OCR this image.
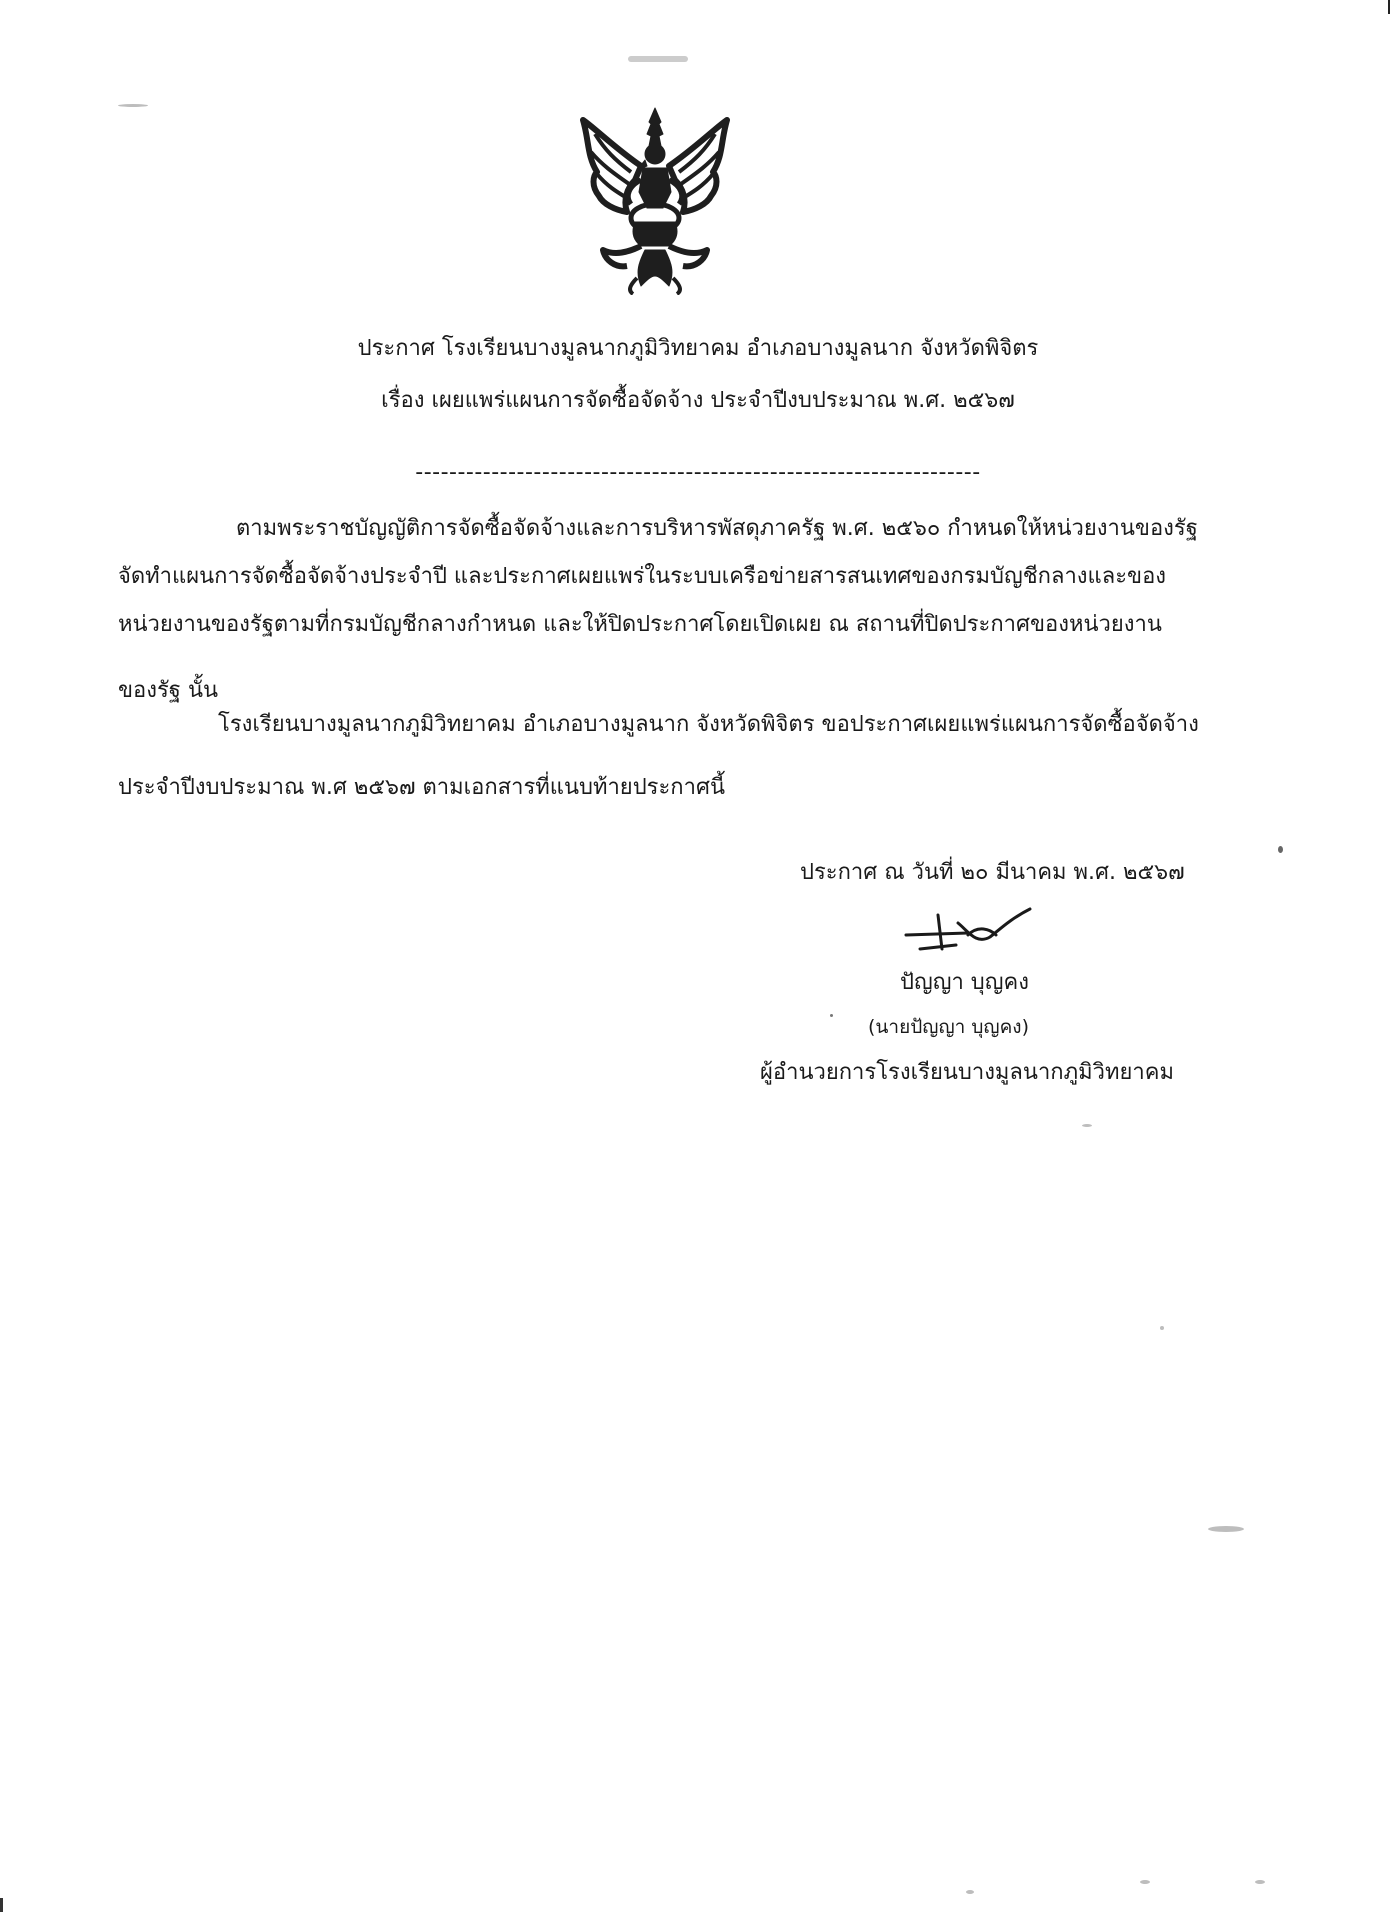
ประกาศ โรงเรียนบางมูลนากภูมิวิทยาคม อำเภอบางมูลนาก จังหวัดพิจิตร
เรื่อง เผยแพร่แผนการจัดซื้อจัดจ้าง ประจำปีงบประมาณ พ.ศ. ๒๕๖๗
-------------------------------------------------------------------
ตามพระราชบัญญัติการจัดซื้อจัดจ้างและการบริหารพัสดุภาครัฐ พ.ศ. ๒๕๖๐ กำหนดให้หน่วยงานของรัฐ
จัดทำแผนการจัดซื้อจัดจ้างประจำปี และประกาศเผยแพร่ในระบบเครือข่ายสารสนเทศของกรมบัญชีกลางและของ
หน่วยงานของรัฐตามที่กรมบัญชีกลางกำหนด และให้ปิดประกาศโดยเปิดเผย ณ สถานที่ปิดประกาศของหน่วยงาน
ของรัฐ นั้น
โรงเรียนบางมูลนากภูมิวิทยาคม อำเภอบางมูลนาก จังหวัดพิจิตร ขอประกาศเผยแพร่แผนการจัดซื้อจัดจ้าง
ประจำปีงบประมาณ พ.ศ ๒๕๖๗ ตามเอกสารที่แนบท้ายประกาศนี้
ประกาศ ณ วันที่ ๒๐ มีนาคม พ.ศ. ๒๕๖๗
ปัญญา บุญคง
(นายปัญญา บุญคง)
ผู้อำนวยการโรงเรียนบางมูลนากภูมิวิทยาคม
